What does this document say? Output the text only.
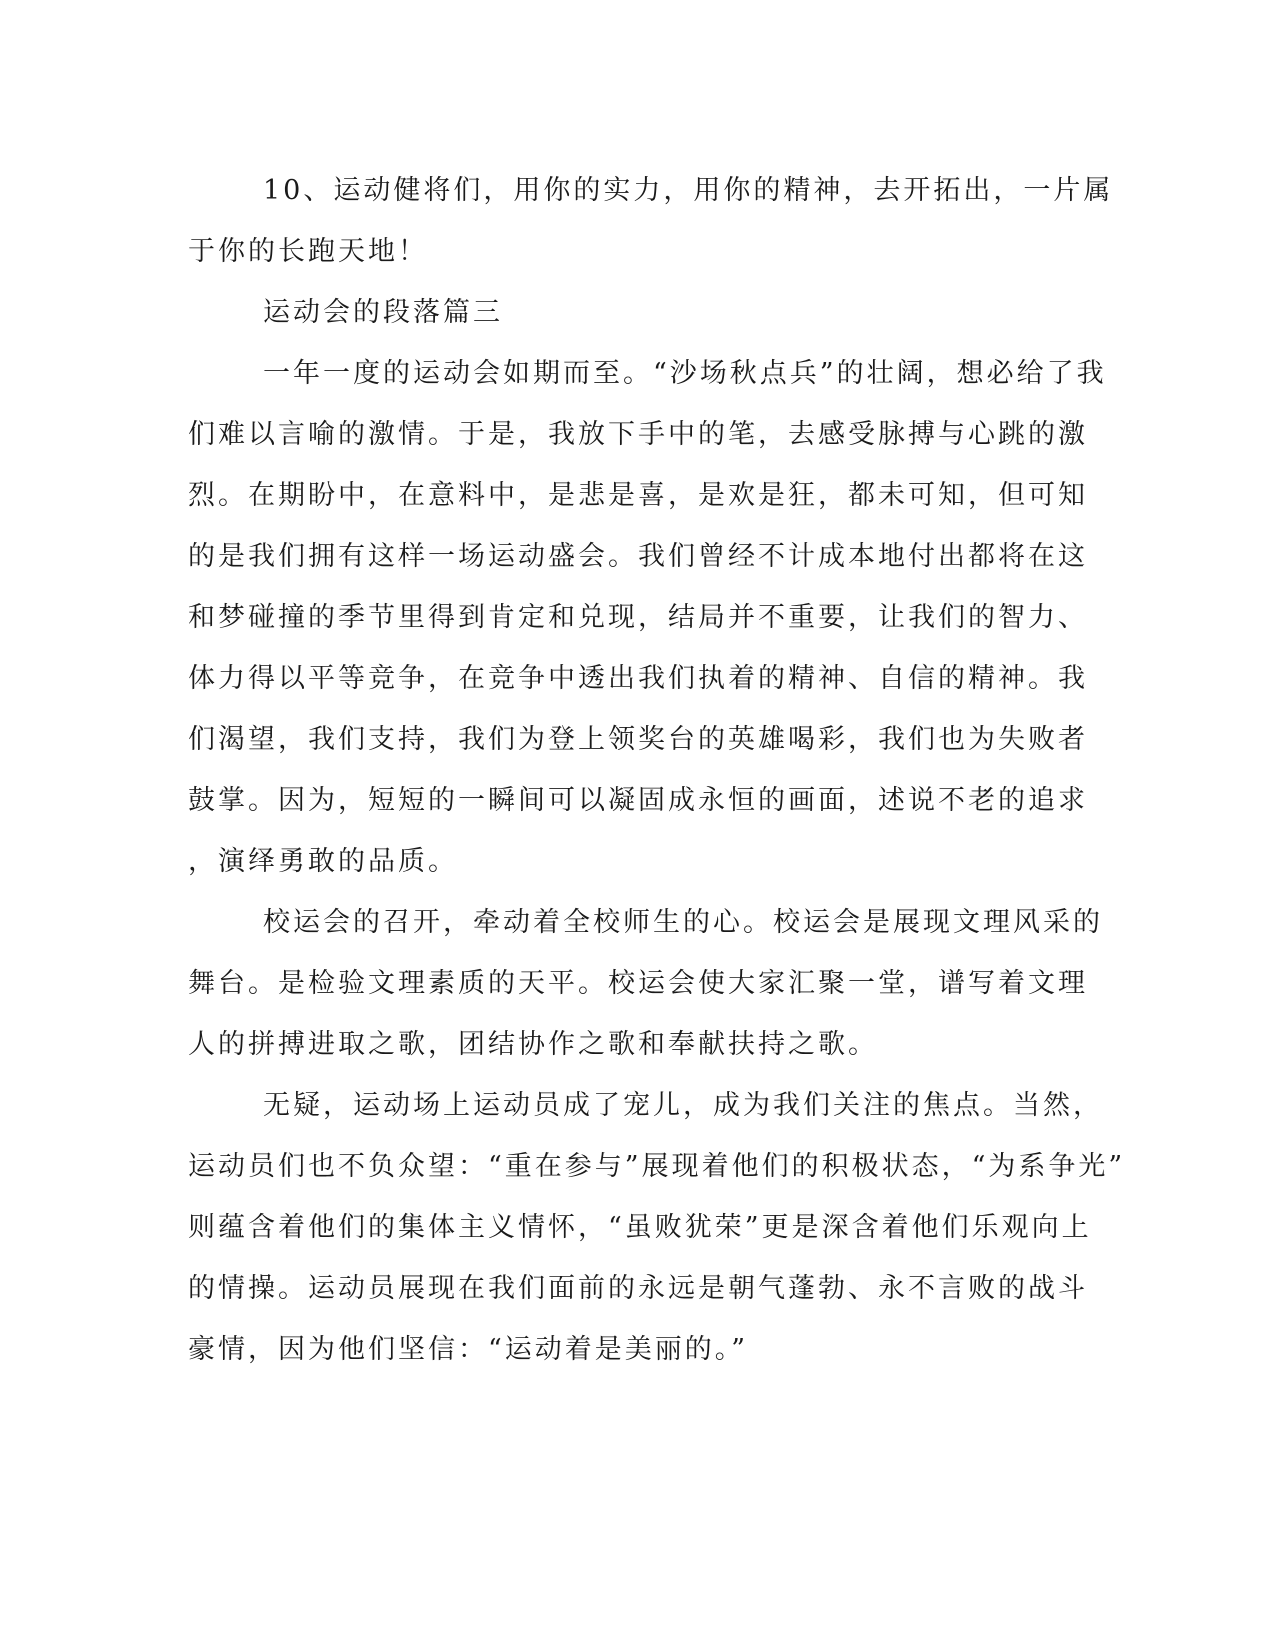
10、运动健将们，用你的实力，用你的精神，去开拓出，一片属
于你的长跑天地！
运动会的段落篇三
一年一度的运动会如期而至。“沙场秋点兵”的壮阔，想必给了我
们难以言喻的激情。于是，我放下手中的笔，去感受脉搏与心跳的激
烈。在期盼中，在意料中，是悲是喜，是欢是狂，都未可知，但可知
的是我们拥有这样一场运动盛会。我们曾经不计成本地付出都将在这
和梦碰撞的季节里得到肯定和兑现，结局并不重要，让我们的智力、
体力得以平等竞争，在竞争中透出我们执着的精神、自信的精神。我
们渴望，我们支持，我们为登上领奖台的英雄喝彩，我们也为失败者
鼓掌。因为，短短的一瞬间可以凝固成永恒的画面，述说不老的追求
，演绎勇敢的品质。
校运会的召开，牵动着全校师生的心。校运会是展现文理风采的
舞台。是检验文理素质的天平。校运会使大家汇聚一堂，谱写着文理
人的拼搏进取之歌，团结协作之歌和奉献扶持之歌。
无疑，运动场上运动员成了宠儿，成为我们关注的焦点。当然，
运动员们也不负众望：“重在参与”展现着他们的积极状态，“为系争光”
则蕴含着他们的集体主义情怀，“虽败犹荣”更是深含着他们乐观向上
的情操。运动员展现在我们面前的永远是朝气蓬勃、永不言败的战斗
豪情，因为他们坚信：“运动着是美丽的。”
